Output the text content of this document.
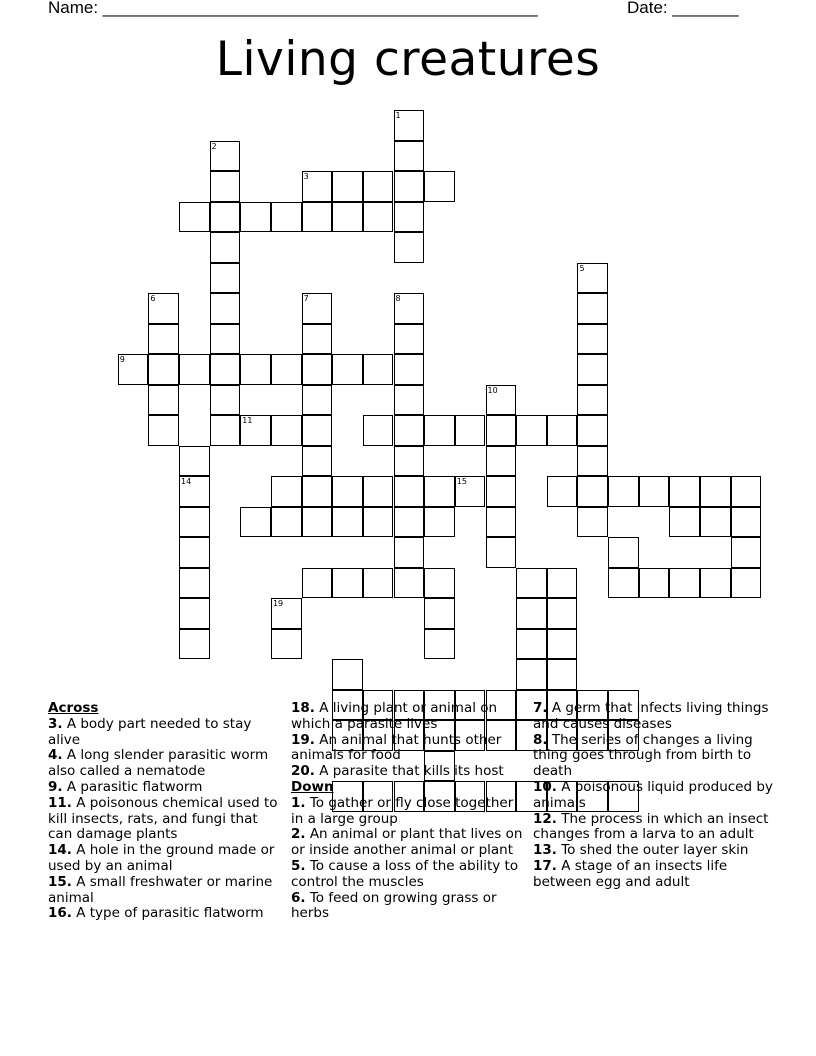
Name: ______________________________________________	Date: _______
Living creatures
1
2
3
5
6	7	8
9
11
10
14	15
19
Across
3. A body part needed to stay alive
4. A long slender parasitic worm also called a nematode
9. A parasitic flatworm
11. A poisonous chemical used to kill insects, rats, and fungi that can damage plants
14. A hole in the ground made or used by an animal
15. A small freshwater or marine animal
16. A type of parasitic flatworm
18. A living plant or animal on which a parasite lives
19. An animal that hunts other animals for food
20. A parasite that kills its host
Down
1. To gather or fly close together in a large group
2. An animal or plant that lives on or inside another animal or plant
5. To cause a loss of the ability to control the muscles
6. To feed on growing grass or herbs
7. A germ that infects living things and causes diseases
8. The series of changes a living thing goes through from birth to death
10. A poisonous liquid produced by animals
12. The process in which an insect changes from a larva to an adult
13. To shed the outer layer skin
17. A stage of an insects life between egg and adult
